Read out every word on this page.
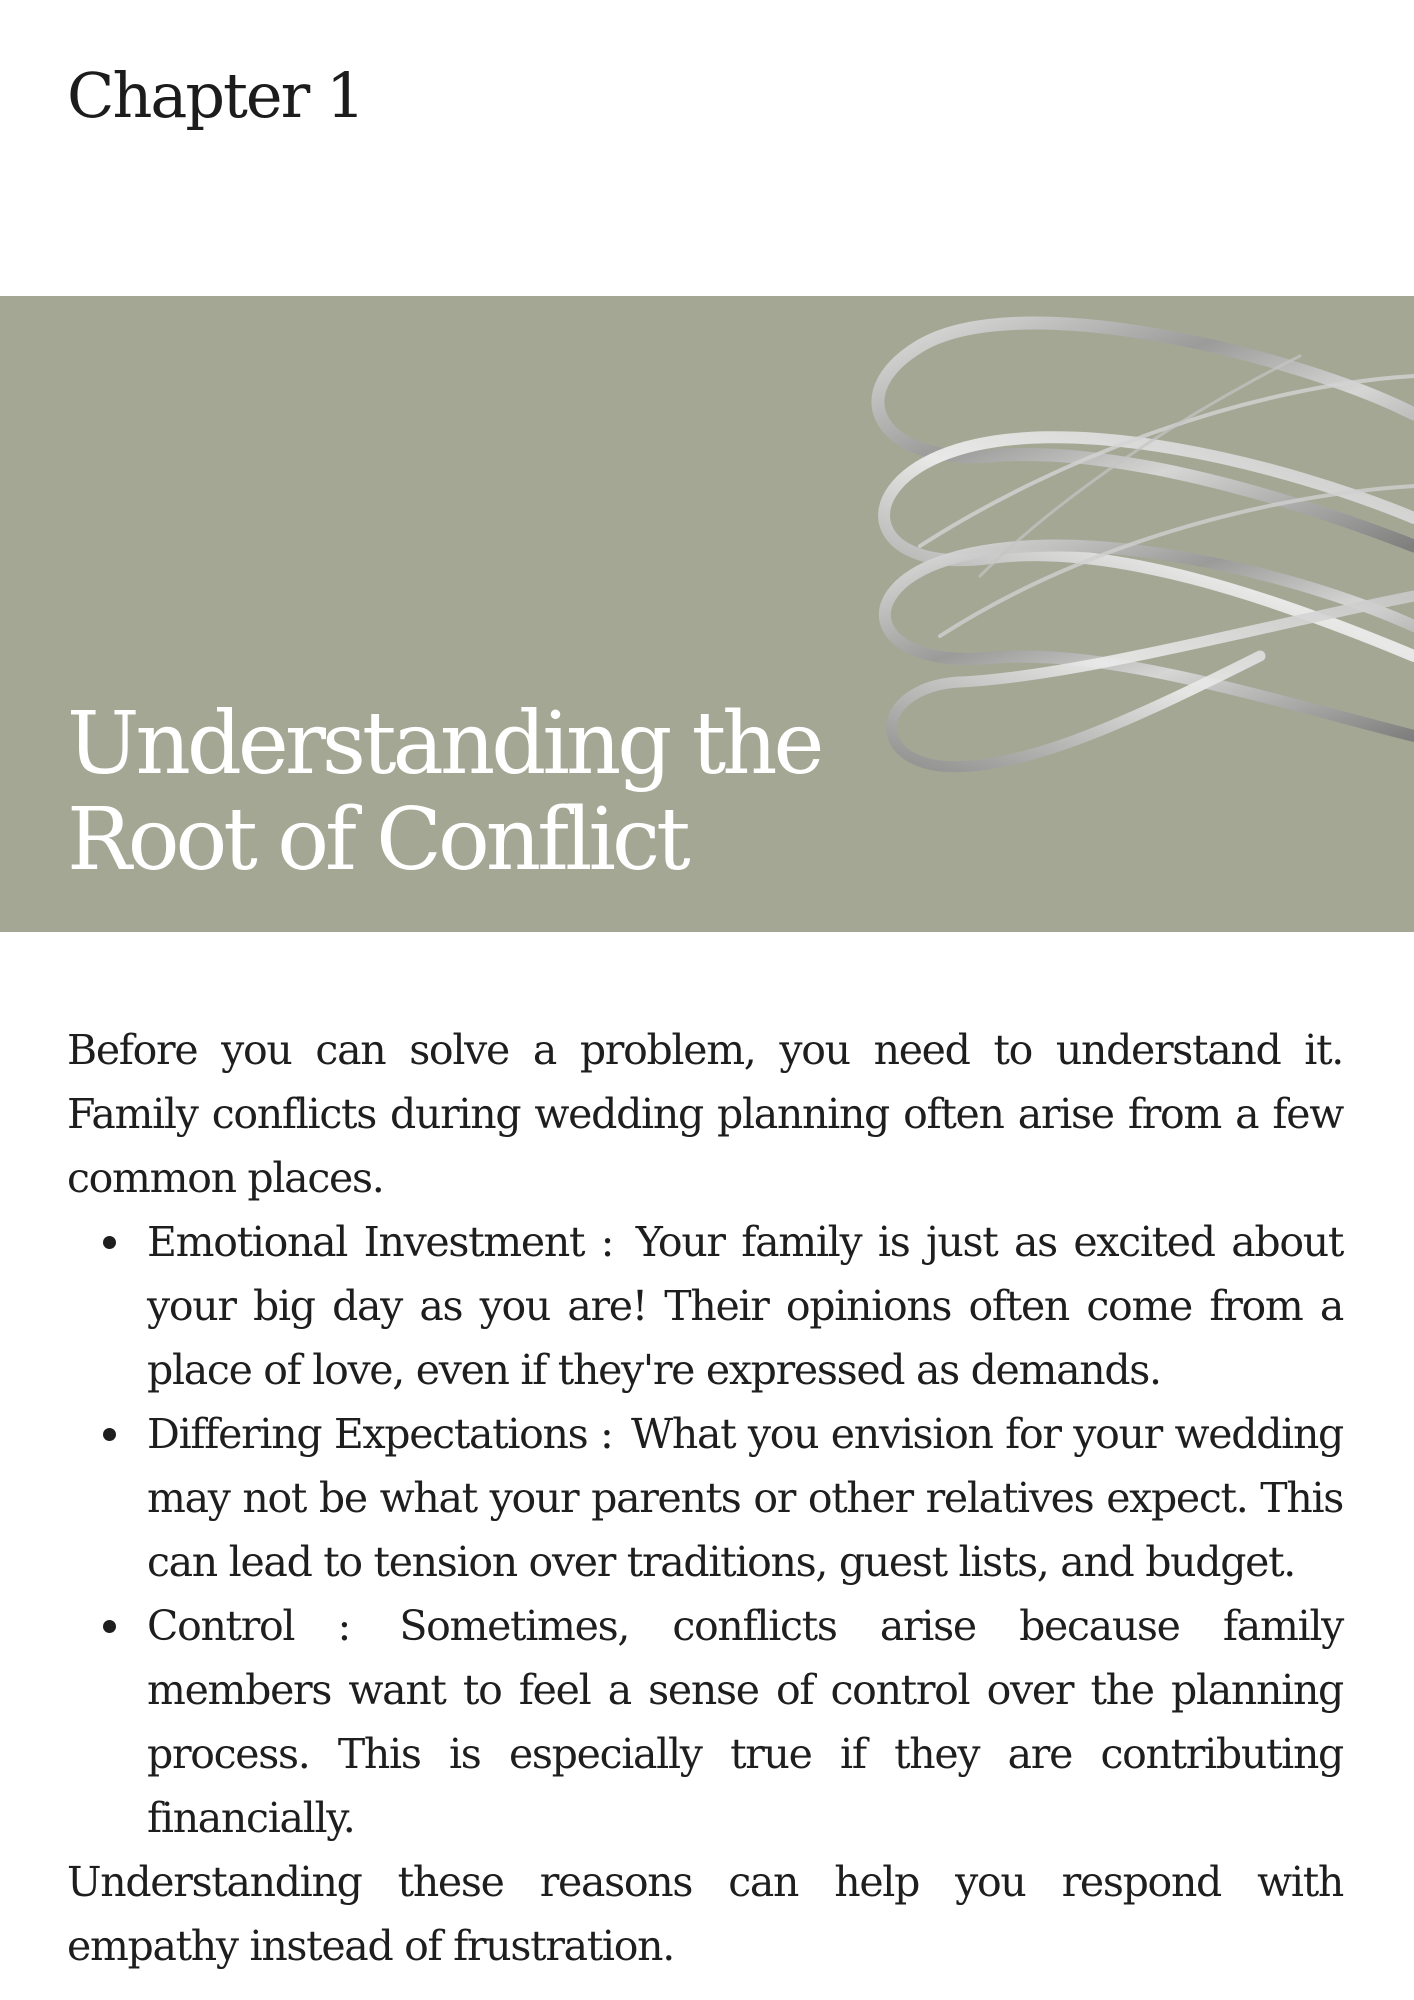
Chapter 1
Understanding the
Root of Conflict

Before you can solve a problem, you need to understand it. Family conflicts during wedding planning often arise from a few common places.

Emotional Investment : Your family is just as excited about your big day as you are! Their opinions often come from a place of love, even if they're expressed as demands.
Differing Expectations : What you envision for your wedding may not be what your parents or other relatives expect. This can lead to tension over traditions, guest lists, and budget.
Control : Sometimes, conflicts arise because family members want to feel a sense of control over the planning process. This is especially true if they are contributing financially.

Understanding these reasons can help you respond with empathy instead of frustration.
